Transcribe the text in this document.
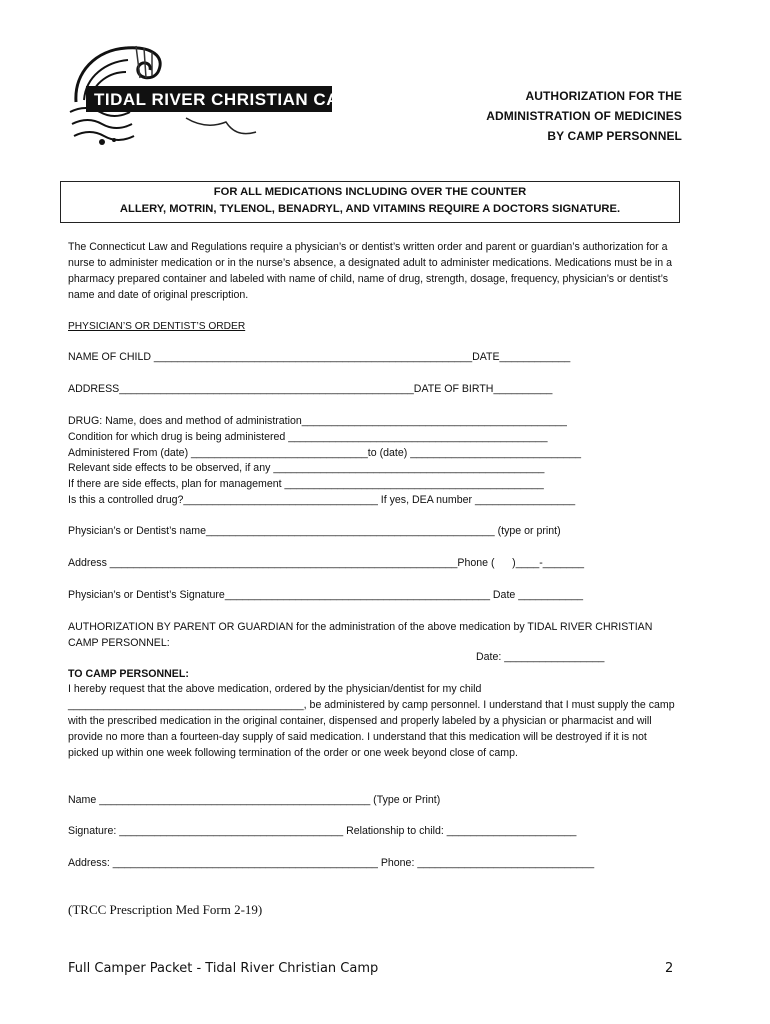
TIDAL RIVER CHRISTIAN CAMP	AUTHORIZATION FOR THE
ADMINISTRATION OF MEDICINES
BY CAMP PERSONNEL
FOR ALL MEDICATIONS INCLUDING OVER THE COUNTER
ALLERY, MOTRIN, TYLENOL, BENADRYL, AND VITAMINS REQUIRE A DOCTORS SIGNATURE.
The Connecticut Law and Regulations require a physician’s or dentist’s written order and parent or guardian’s authorization for a nurse to administer medication or in the nurse’s absence, a designated adult to administer medications. Medications must be in a pharmacy prepared container and labeled with name of child, name of drug, strength, dosage, frequency, physician’s or dentist’s name and date of original prescription.
PHYSICIAN’S OR DENTIST’S ORDER
NAME OF CHILD ______________________________________________________DATE____________
ADDRESS__________________________________________________DATE OF BIRTH__________
DRUG: Name, does and method of administration_____________________________________________
Condition for which drug is being administered ____________________________________________
Administered From (date) ______________________________to (date) _____________________________
Relevant side effects to be observed, if any ______________________________________________
If there are side effects, plan for management ____________________________________________
Is this a controlled drug?_________________________________ If yes, DEA number _________________
Physician’s or Dentist’s name_________________________________________________ (type or print)
Address ___________________________________________________________Phone (      )____-_______
Physician’s or Dentist’s Signature_____________________________________________ Date ___________
AUTHORIZATION BY PARENT OR GUARDIAN for the administration of the above medication by TIDAL RIVER CHRISTIAN CAMP PERSONNEL:
Date: _________________
TO CAMP PERSONNEL:
I hereby request that the above medication, ordered by the physician/dentist for my child ________________________________________, be administered by camp personnel. I understand that I must supply the camp with the prescribed medication in the original container, dispensed and properly labeled by a physician or pharmacist and will provide no more than a fourteen-day supply of said medication. I understand that this medication will be destroyed if it is not picked up within one week following termination of the order or one week beyond close of camp.
Name ______________________________________________ (Type or Print)
Signature: ______________________________________ Relationship to child: ______________________
Address: _____________________________________________ Phone: ______________________________
(TRCC Prescription Med Form 2-19)
Full Camper Packet - Tidal River Christian Camp	2
